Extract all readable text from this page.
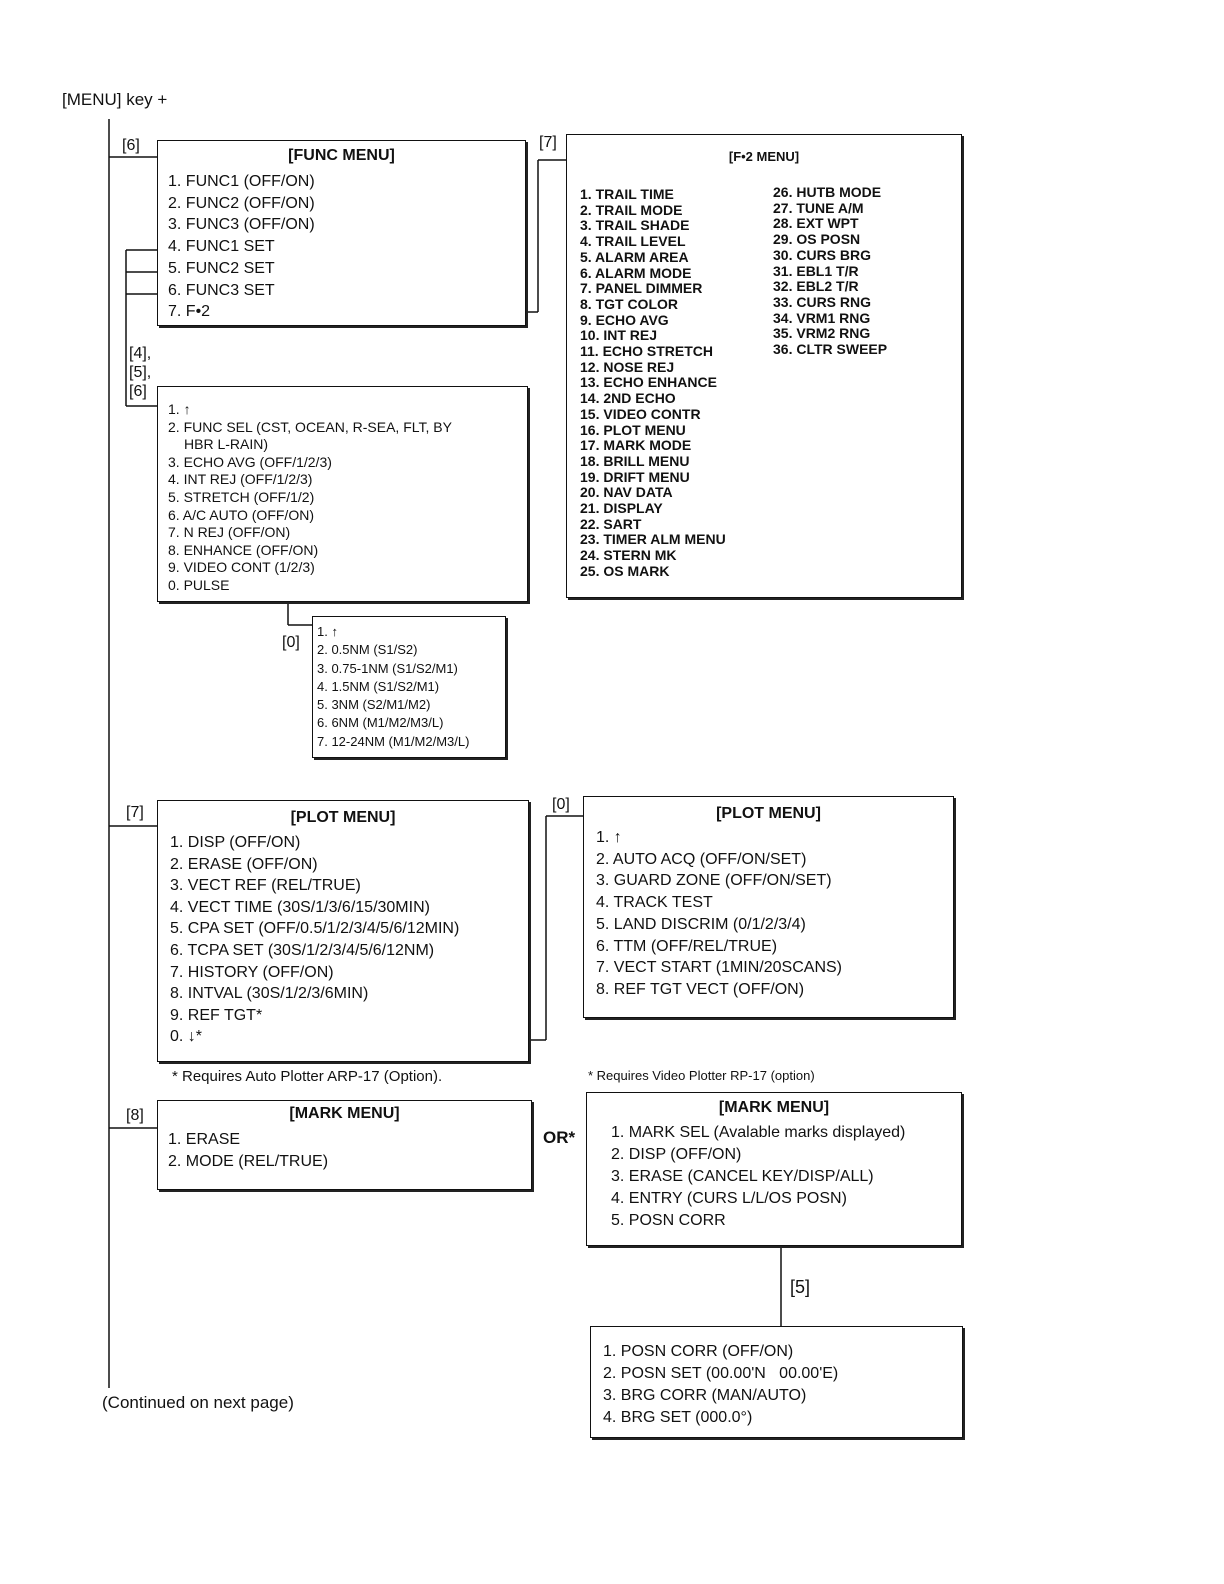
[MENU] key +
(Continued on next page)
[6]	[7]
[4],
[5],
[6]
[0]
[7]	[0]
[8]
OR*
[5]
[FUNC MENU]
1. FUNC1 (OFF/ON)
2. FUNC2 (OFF/ON)
3. FUNC3 (OFF/ON)
4. FUNC1 SET
5. FUNC2 SET
6. FUNC3 SET
7. F•2
[F•2 MENU]
1. TRAIL TIME
2. TRAIL MODE
3. TRAIL SHADE
4. TRAIL LEVEL
5. ALARM AREA
6. ALARM MODE
7. PANEL DIMMER
8. TGT COLOR
9. ECHO AVG
10. INT REJ
11. ECHO STRETCH
12. NOSE REJ
13. ECHO ENHANCE
14. 2ND ECHO
15. VIDEO CONTR
16. PLOT MENU
17. MARK MODE
18. BRILL MENU
19. DRIFT MENU
20. NAV DATA
21. DISPLAY
22. SART
23. TIMER ALM MENU
24. STERN MK
25. OS MARK
26. HUTB MODE
27. TUNE A/M
28. EXT WPT
29. OS POSN
30. CURS BRG
31. EBL1 T/R
32. EBL2 T/R
33. CURS RNG
34. VRM1 RNG
35. VRM2 RNG
36. CLTR SWEEP
1. ↑
2. FUNC SEL (CST, OCEAN, R-SEA, FLT, BY
HBR L-RAIN)
3. ECHO AVG (OFF/1/2/3)
4. INT REJ (OFF/1/2/3)
5. STRETCH (OFF/1/2)
6. A/C AUTO (OFF/ON)
7. N REJ (OFF/ON)
8. ENHANCE (OFF/ON)
9. VIDEO CONT (1/2/3)
0. PULSE
1. ↑
2. 0.5NM (S1/S2)
3. 0.75-1NM (S1/S2/M1)
4. 1.5NM (S1/S2/M1)
5. 3NM (S2/M1/M2)
6. 6NM (M1/M2/M3/L)
7. 12-24NM (M1/M2/M3/L)
[PLOT MENU]
1. DISP (OFF/ON)
2. ERASE (OFF/ON)
3. VECT REF (REL/TRUE)
4. VECT TIME (30S/1/3/6/15/30MIN)
5. CPA SET (OFF/0.5/1/2/3/4/5/6/12MIN)
6. TCPA SET (30S/1/2/3/4/5/6/12NM)
7. HISTORY (OFF/ON)
8. INTVAL (30S/1/2/3/6MIN)
9. REF TGT*
0. ↓*
* Requires Auto Plotter ARP-17 (Option).
[PLOT MENU]
1. ↑
2. AUTO ACQ (OFF/ON/SET)
3. GUARD ZONE (OFF/ON/SET)
4. TRACK TEST
5. LAND DISCRIM (0/1/2/3/4)
6. TTM (OFF/REL/TRUE)
7. VECT START (1MIN/20SCANS)
8. REF TGT VECT (OFF/ON)
* Requires Video Plotter RP-17 (option)
[MARK MENU]
1. ERASE
2. MODE (REL/TRUE)
[MARK MENU]
1. MARK SEL (Avalable marks displayed)
2. DISP (OFF/ON)
3. ERASE (CANCEL KEY/DISP/ALL)
4. ENTRY (CURS L/L/OS POSN)
5. POSN CORR
1. POSN CORR (OFF/ON)
2. POSN SET (00.00'N   00.00'E)
3. BRG CORR (MAN/AUTO)
4. BRG SET (000.0°)
